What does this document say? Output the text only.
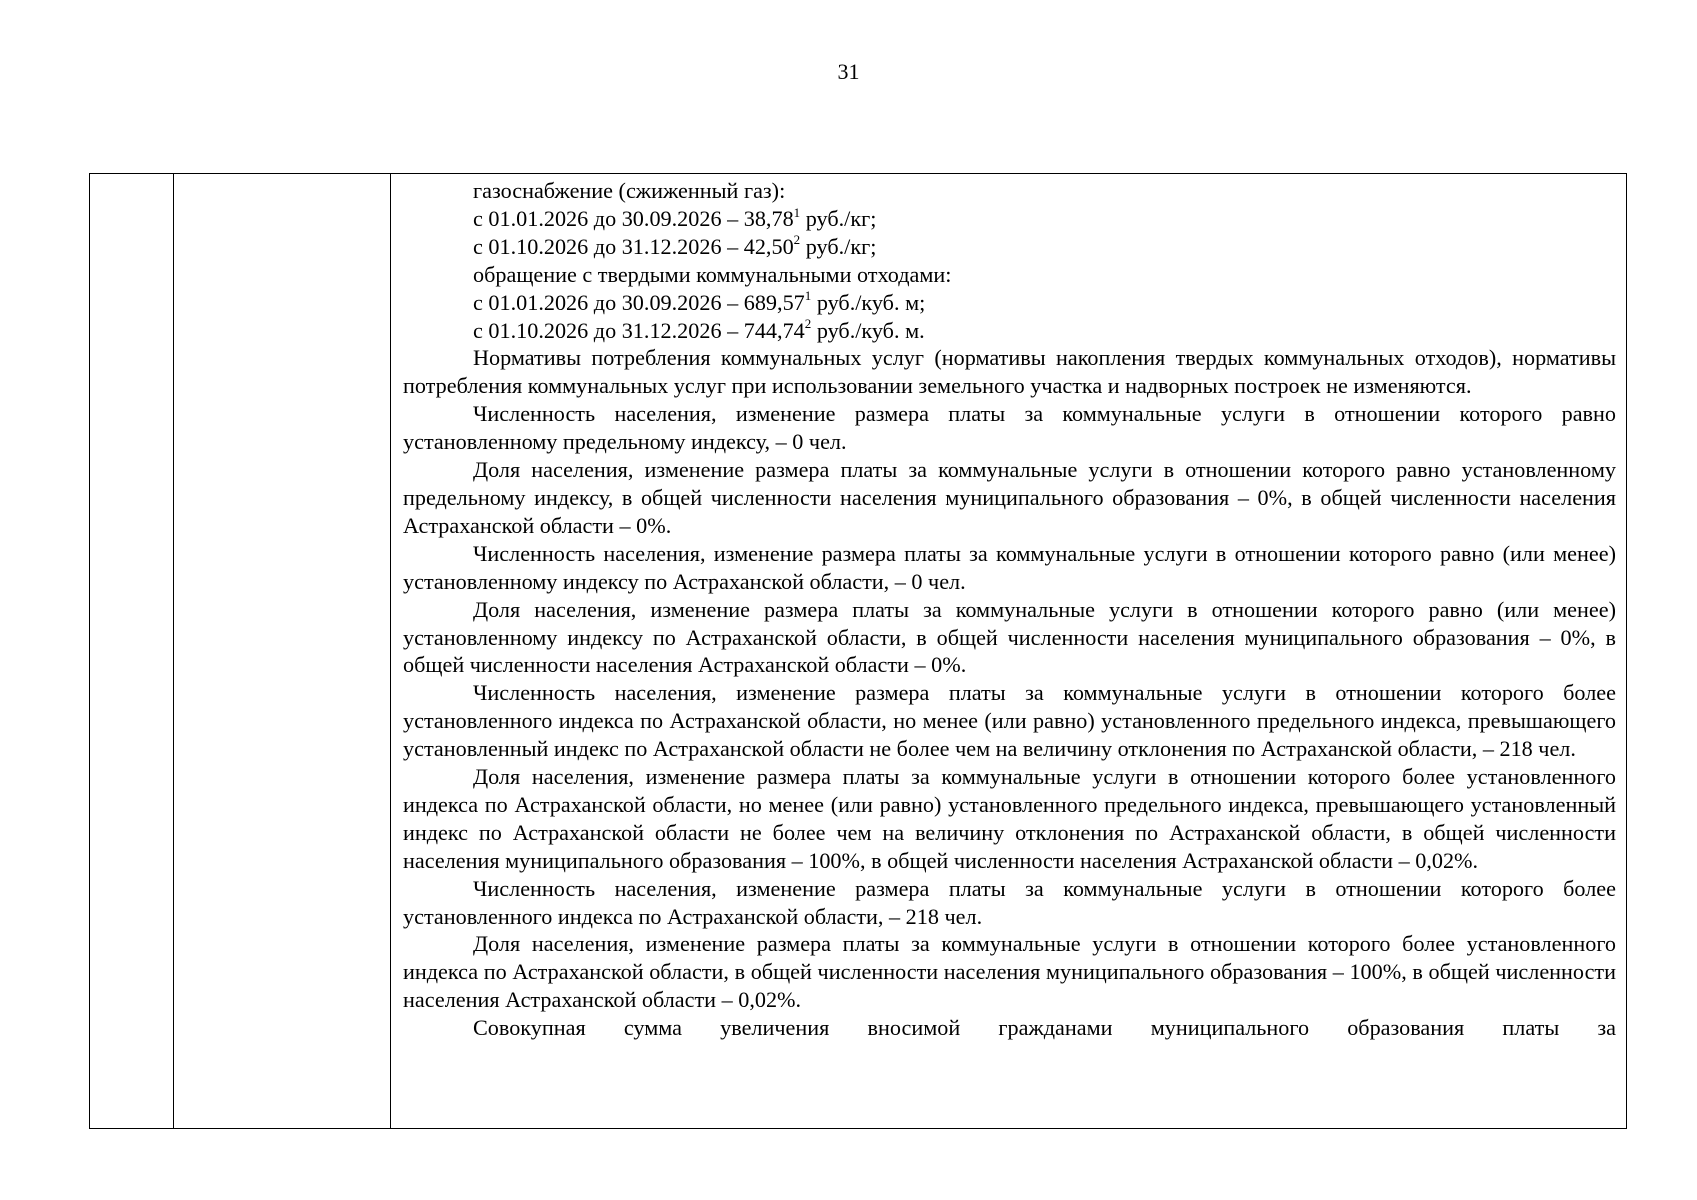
31

газоснабжение (сжиженный газ):
с 01.01.2026 до 30.09.2026 – 38,78$^1$ руб./кг;
с 01.10.2026 до 31.12.2026 – 42,50$^2$ руб./кг;
обращение с твердыми коммунальными отходами:
с 01.01.2026 до 30.09.2026 – 689,57$^1$ руб./куб. м;
с 01.10.2026 до 31.12.2026 – 744,74$^2$ руб./куб. м.

Нормативы потребления коммунальных услуг (нормативы накопления твердых коммунальных отходов), нормативы потребления коммунальных услуг при использовании земельного участка и надворных построек не изменяются.

Численность населения, изменение размера платы за коммунальные услуги в отношении которого равно установленному предельному индексу, – 0 чел.

Доля населения, изменение размера платы за коммунальные услуги в отношении которого равно установленному предельному индексу, в общей численности населения муниципального образования – 0%, в общей численности населения Астраханской области – 0%.

Численность населения, изменение размера платы за коммунальные услуги в отношении которого равно (или менее) установленному индексу по Астраханской области, – 0 чел.

Доля населения, изменение размера платы за коммунальные услуги в отношении которого равно (или менее) установленному индексу по Астраханской области, в общей численности населения муниципального образования – 0%, в общей численности населения Астраханской области – 0%.

Численность населения, изменение размера платы за коммунальные услуги в отношении которого более установленного индекса по Астраханской области, но менее (или равно) установленного предельного индекса, превышающего установленный индекс по Астраханской области не более чем на величину отклонения по Астраханской области, – 218 чел.

Доля населения, изменение размера платы за коммунальные услуги в отношении которого более установленного индекса по Астраханской области, но менее (или равно) установленного предельного индекса, превышающего установленный индекс по Астраханской области не более чем на величину отклонения по Астраханской области, в общей численности населения муниципального образования – 100%, в общей численности населения Астраханской области – 0,02%.

Численность населения, изменение размера платы за коммунальные услуги в отношении которого более установленного индекса по Астраханской области, – 218 чел.

Доля населения, изменение размера платы за коммунальные услуги в отношении которого более установленного индекса по Астраханской области, в общей численности населения муниципального образования – 100%, в общей численности населения Астраханской области – 0,02%.

Совокупная сумма увеличения вносимой гражданами муниципального образования платы за
